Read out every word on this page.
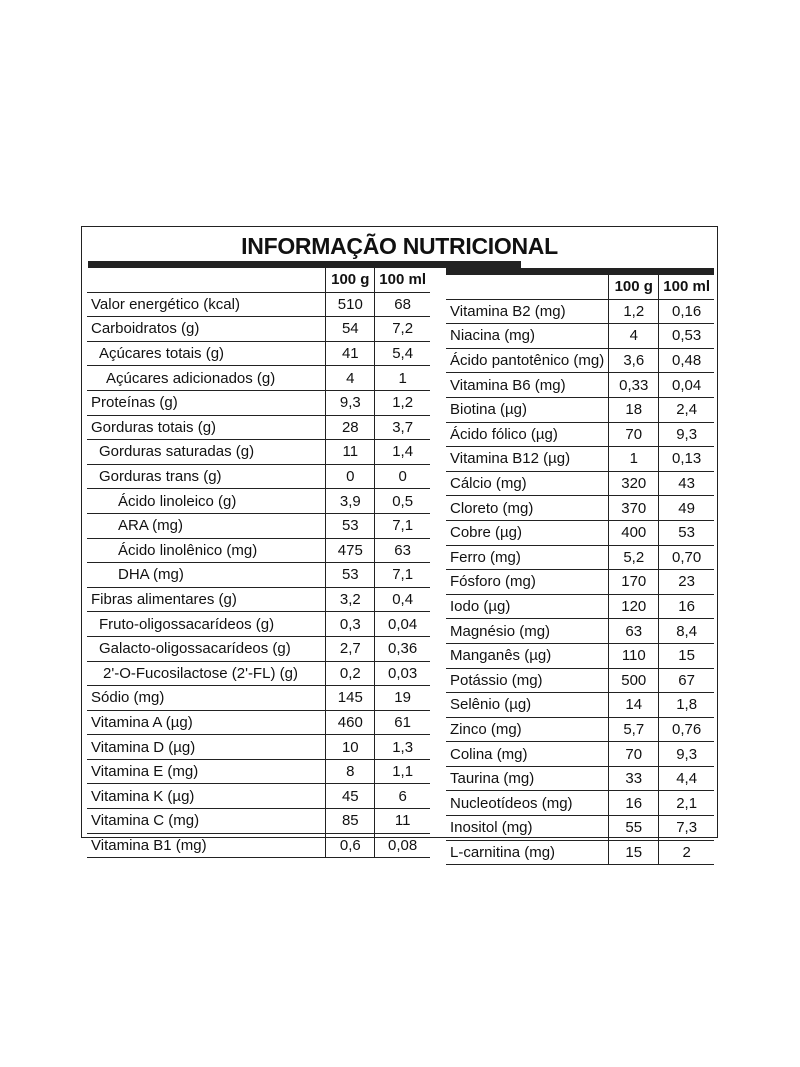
INFORMAÇÃO NUTRICIONAL
	100 g	100 ml
Valor energético (kcal)	510	68
Carboidratos (g)	54	7,2
Açúcares totais (g)	41	5,4
Açúcares adicionados (g)	4	1
Proteínas (g)	9,3	1,2
Gorduras totais (g)	28	3,7
Gorduras saturadas (g)	11	1,4
Gorduras trans (g)	0	0
Ácido linoleico (g)	3,9	0,5
ARA (mg)	53	7,1
Ácido linolênico (mg)	475	63
DHA (mg)	53	7,1
Fibras alimentares (g)	3,2	0,4
Fruto-oligossacarídeos (g)	0,3	0,04
Galacto-oligossacarídeos (g)	2,7	0,36
2'-O-Fucosilactose (2'-FL) (g)	0,2	0,03
Sódio (mg)	145	19
Vitamina A (µg)	460	61
Vitamina D (µg)	10	1,3
Vitamina E (mg)	8	1,1
Vitamina K (µg)	45	6
Vitamina C (mg)	85	11
Vitamina B1 (mg)	0,6	0,08
	100 g	100 ml
Vitamina B2 (mg)	1,2	0,16
Niacina (mg)	4	0,53
Ácido pantotênico (mg)	3,6	0,48
Vitamina B6 (mg)	0,33	0,04
Biotina (µg)	18	2,4
Ácido fólico (µg)	70	9,3
Vitamina B12 (µg)	1	0,13
Cálcio (mg)	320	43
Cloreto (mg)	370	49
Cobre (µg)	400	53
Ferro (mg)	5,2	0,70
Fósforo (mg)	170	23
Iodo (µg)	120	16
Magnésio (mg)	63	8,4
Manganês (µg)	110	15
Potássio (mg)	500	67
Selênio (µg)	14	1,8
Zinco (mg)	5,7	0,76
Colina (mg)	70	9,3
Taurina (mg)	33	4,4
Nucleotídeos (mg)	16	2,1
Inositol (mg)	55	7,3
L-carnitina (mg)	15	2
